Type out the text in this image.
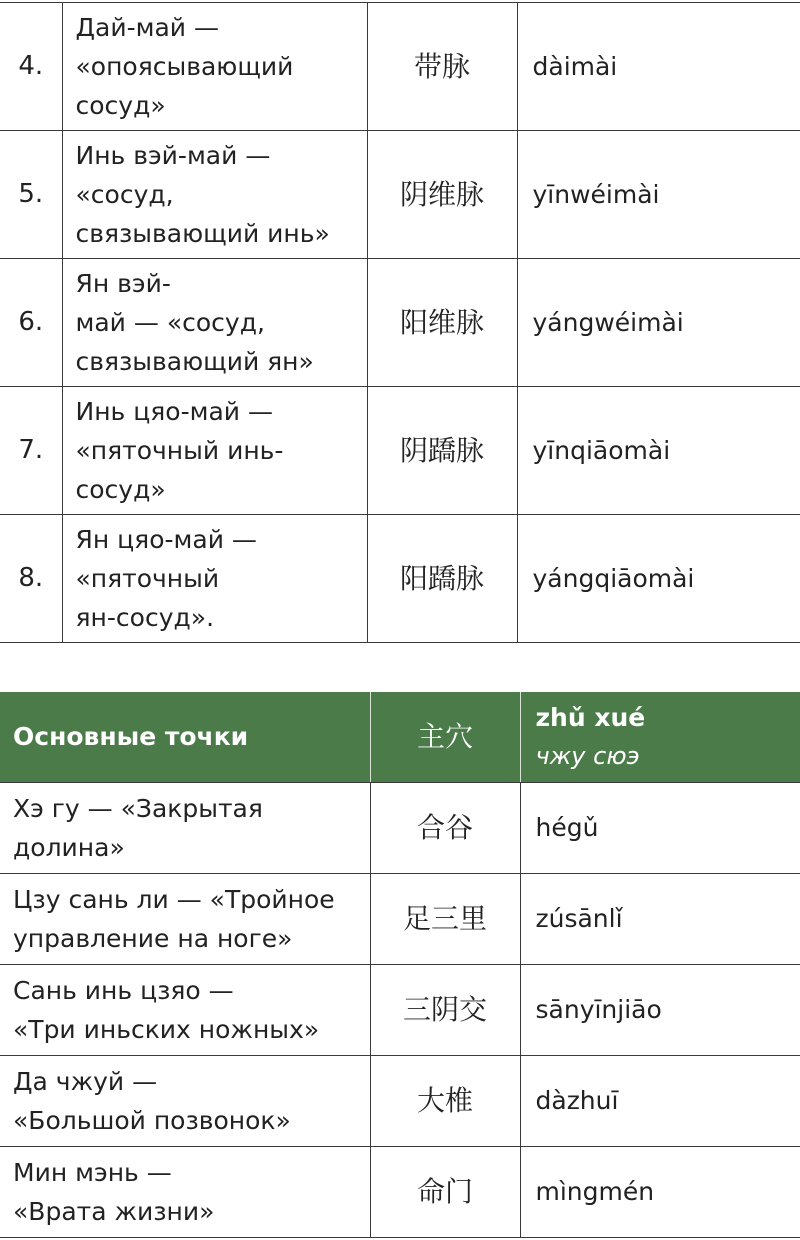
4.	Дай-май —
«опоясывающий
сосуд»	带脉	dàimài
5.	Инь вэй-май —
«сосуд,
связывающий инь»	阴维脉	yīnwéimài
6.	Ян вэй-
май — «сосуд,
связывающий ян»	阳维脉	yángwéimài
7.	Инь цяо-май —
«пяточный инь-
сосуд»	阴蹻脉	yīnqiāomài
8.	Ян цяо-май —
«пяточный
ян-сосуд».	阳蹻脉	yángqiāomài
Основные точки	主穴	zhǔ xué
чжу сюэ

Хэ гу — «Закрытая
долина»	合谷	hégǔ

Цзу сань ли — «Тройное
управление на ноге»	足三里	zúsānlǐ

Сань инь цзяо —
«Три иньских ножных»	三阴交	sānyīnjiāo

Да чжуй —
«Большой позвонок»	大椎	dàzhuī

Мин мэнь —
«Врата жизни»	命门	mìngmén
